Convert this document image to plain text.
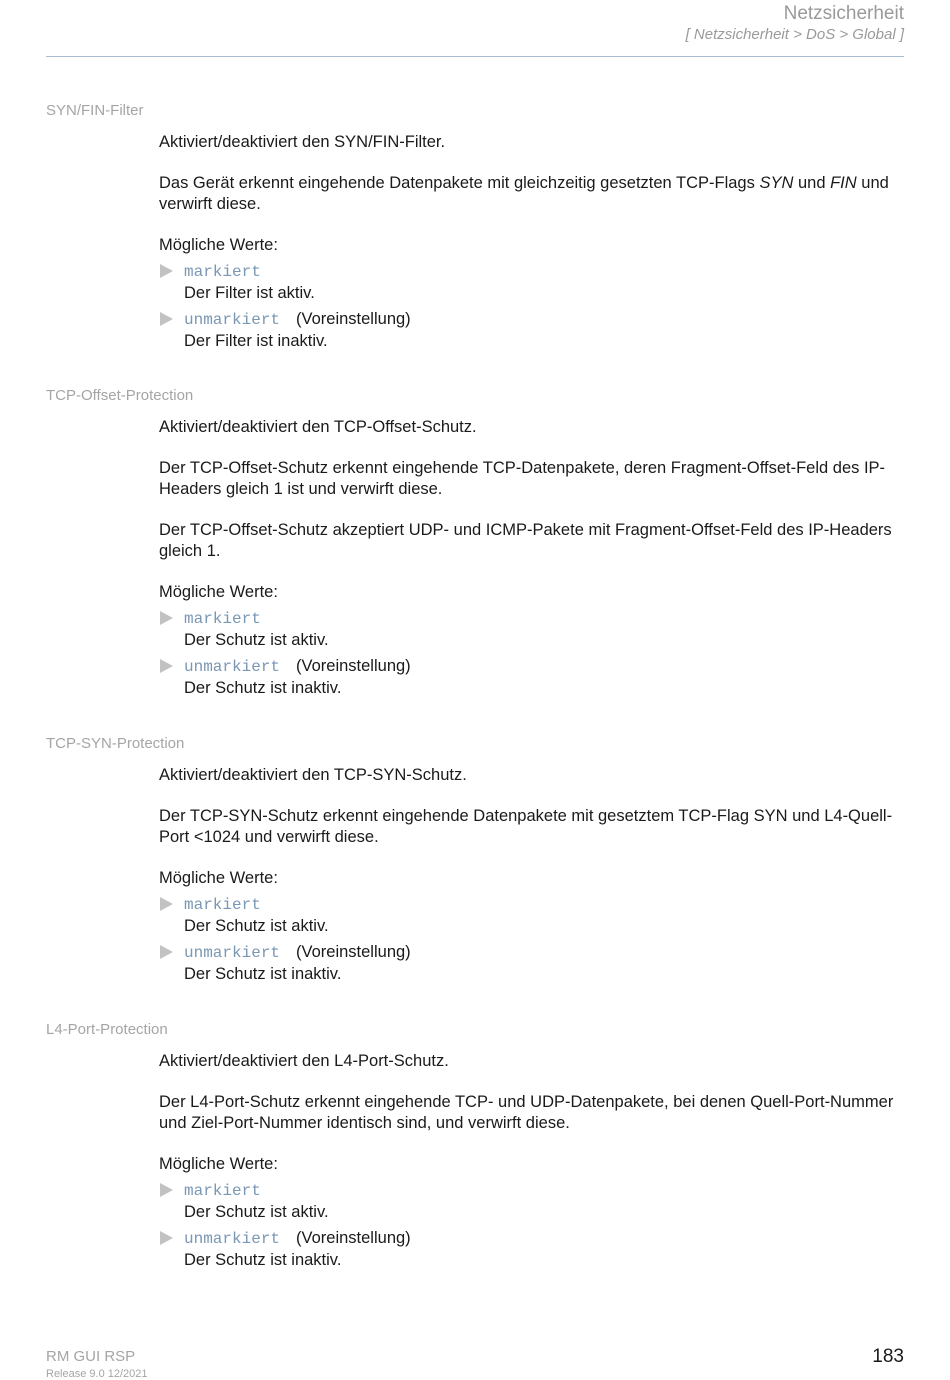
Netzsicherheit
[ Netzsicherheit > DoS > Global ]
SYN/FIN-Filter

Aktiviert/deaktiviert den SYN/FIN-Filter.

Das Gerät erkennt eingehende Datenpakete mit gleichzeitig gesetzten TCP-Flags SYN und FIN und verwirft diese.

Mögliche Werte:

markiert
Der Filter ist aktiv.
unmarkiert (Voreinstellung)
Der Filter ist inaktiv.
TCP-Offset-Protection

Aktiviert/deaktiviert den TCP-Offset-Schutz.

Der TCP-Offset-Schutz erkennt eingehende TCP-Datenpakete, deren Fragment-Offset-Feld des IP-Headers gleich 1 ist und verwirft diese.

Der TCP-Offset-Schutz akzeptiert UDP- und ICMP-Pakete mit Fragment-Offset-Feld des IP-Headers gleich 1.

Mögliche Werte:

markiert
Der Schutz ist aktiv.
unmarkiert (Voreinstellung)
Der Schutz ist inaktiv.
TCP-SYN-Protection

Aktiviert/deaktiviert den TCP-SYN-Schutz.

Der TCP-SYN-Schutz erkennt eingehende Datenpakete mit gesetztem TCP-Flag SYN und L4-Quell-Port <1024 und verwirft diese.

Mögliche Werte:

markiert
Der Schutz ist aktiv.
unmarkiert (Voreinstellung)
Der Schutz ist inaktiv.
L4-Port-Protection

Aktiviert/deaktiviert den L4-Port-Schutz.

Der L4-Port-Schutz erkennt eingehende TCP- und UDP-Datenpakete, bei denen Quell-Port-Nummer und Ziel-Port-Nummer identisch sind, und verwirft diese.

Mögliche Werte:

markiert
Der Schutz ist aktiv.
unmarkiert (Voreinstellung)
Der Schutz ist inaktiv.
RM GUI RSP
Release 9.0 12/2021
183
